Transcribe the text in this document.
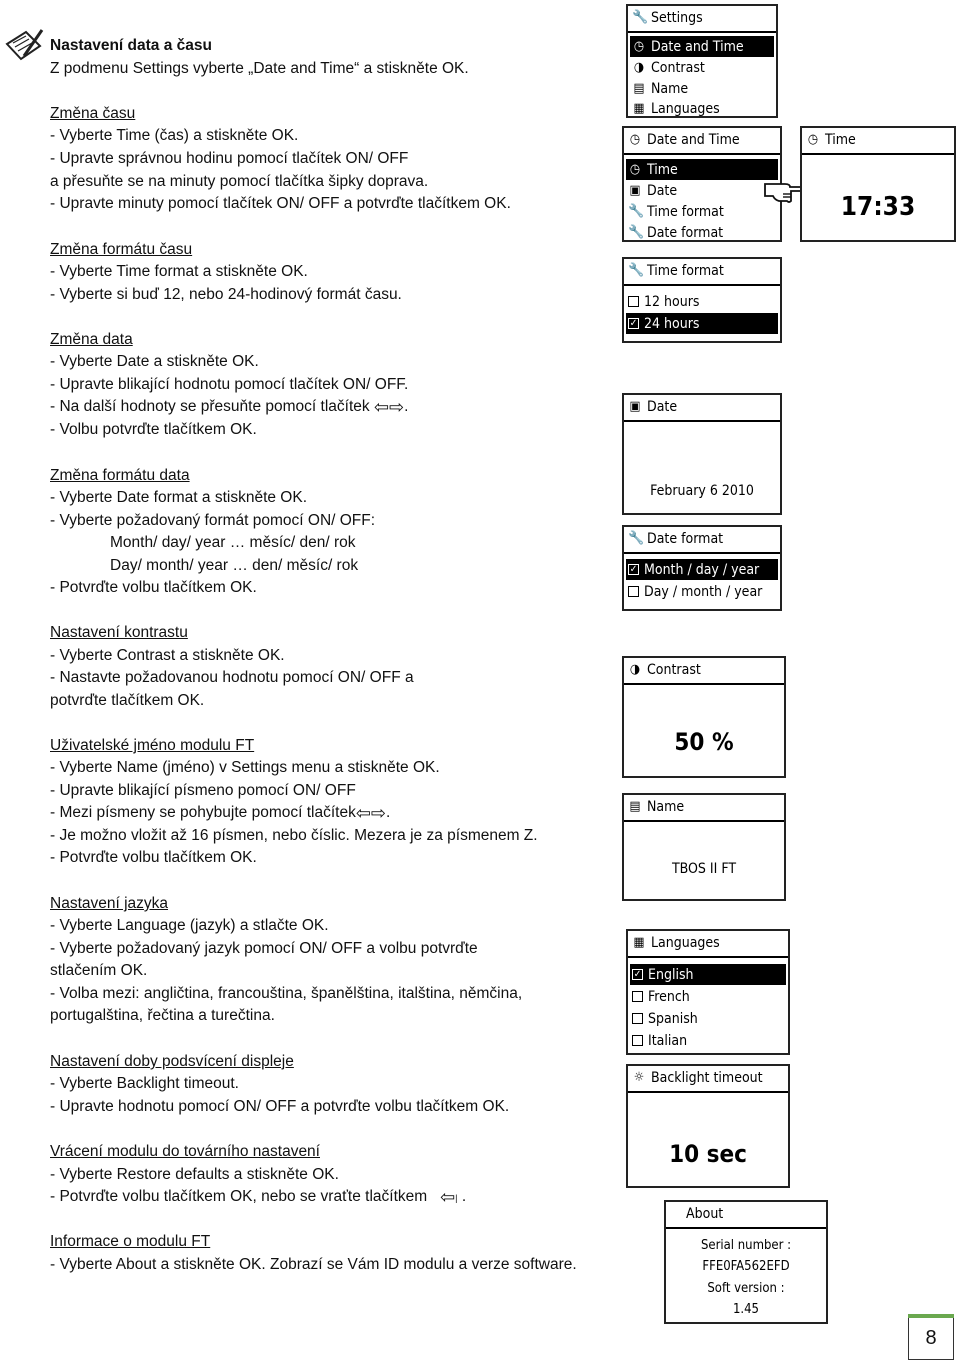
Nastavení data a času
Z podmenu Settings vyberte „Date and Time“ a stiskněte OK.
Změna času
- Vyberte Time (čas) a stiskněte OK.
- Upravte správnou hodinu pomocí tlačítek ON/ OFF
a přesuňte se na minuty pomocí tlačítka šipky doprava.
- Upravte minuty pomocí tlačítek ON/ OFF a potvrďte tlačítkem OK.
Změna formátu času
- Vyberte Time format a stiskněte OK.
- Vyberte si buď 12, nebo 24-hodinový formát času.
Změna data
- Vyberte Date a stiskněte OK.
- Upravte blikající hodnotu pomocí tlačítek ON/ OFF.
- Na další hodnoty se přesuňte pomocí tlačítek ⇦⇨.
- Volbu potvrďte tlačítkem OK.
Změna formátu data
- Vyberte Date format a stiskněte OK.
- Vyberte požadovaný formát pomocí ON/ OFF:
Month/ day/ year … měsíc/ den/ rok
Day/ month/ year … den/ měsíc/ rok
- Potvrďte volbu tlačítkem OK.
Nastavení kontrastu
- Vyberte Contrast a stiskněte OK.
- Nastavte požadovanou hodnotu pomocí ON/ OFF a
potvrďte tlačítkem OK.
Uživatelské jméno modulu FT
- Vyberte Name (jméno) v Settings menu a stiskněte OK.
- Upravte blikající písmeno pomocí ON/ OFF
- Mezi písmeny se pohybujte pomocí tlačítek⇦⇨.
- Je možno vložit až 16 písmen, nebo číslic. Mezera je za písmenem Z.
- Potvrďte volbu tlačítkem OK.
Nastavení jazyka
- Vyberte Language (jazyk) a stlačte OK.
- Vyberte požadovaný jazyk pomocí ON/ OFF a volbu potvrďte
stlačením OK.
- Volba mezi: angličtina, francouština, španělština, italština, němčina,
portugalština, řečtina a turečtina.
Nastavení doby podsvícení displeje
- Vyberte Backlight timeout.
- Upravte hodnotu pomocí ON/ OFF a potvrďte volbu tlačítkem OK.
Vrácení modulu do továrního nastavení
- Vyberte Restore defaults a stiskněte OK.
- Potvrďte volbu tlačítkem OK, nebo se vraťte tlačítkem ⇦| .
Informace o modulu FT
- Vyberte About a stiskněte OK. Zobrazí se Vám ID modulu a verze software.
🔧 Settings
◷ Date and Time
◑ Contrast
▤ Name
▦ Languages
◷ Date and Time
◷ Time
▣ Date
🔧 Time format
🔧 Date format
◷ Time
17:33
🔧 Time format
12 hours
✓ 24 hours
▣ Date
February 6 2010
🔧 Date format
✓ Month / day / year
Day / month / year
◑ Contrast
50 %
▤ Name
TBOS II FT
▦ Languages
✓ English
French
Spanish
Italian
☼ Backlight timeout
10 sec
About
Serial number :
FFE0FA562EFD
Soft version :
1.45
8
